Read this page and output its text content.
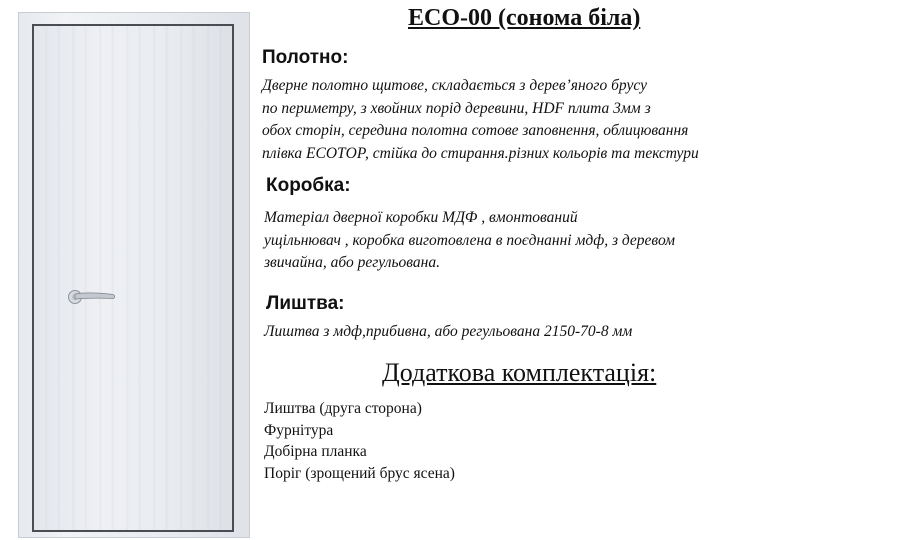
ЕСО-00 (сонома біла)
Полотно:
Дверне полотно щитове, складається з дерев’яного брусу
по периметру, з хвойних порід деревини, HDF плита 3мм з
обох сторін, середина полотна сотове заповнення, облицювання
плівка ЕСОТОР, стійка до стирання.різних кольорів та текстури
Коробка:
Матеріал дверної коробки МДФ , вмонтований
ущільнювач , коробка виготовлена в поєднанні мдф, з деревом
звичайна, або регульована.
Лиштва:
Лиштва з мдф,прибивна, або регульована 2150-70-8 мм
Додаткова комплектація:
Лиштва (друга сторона)
Фурнітура
Добірна планка
Поріг (зрощений брус ясена)
